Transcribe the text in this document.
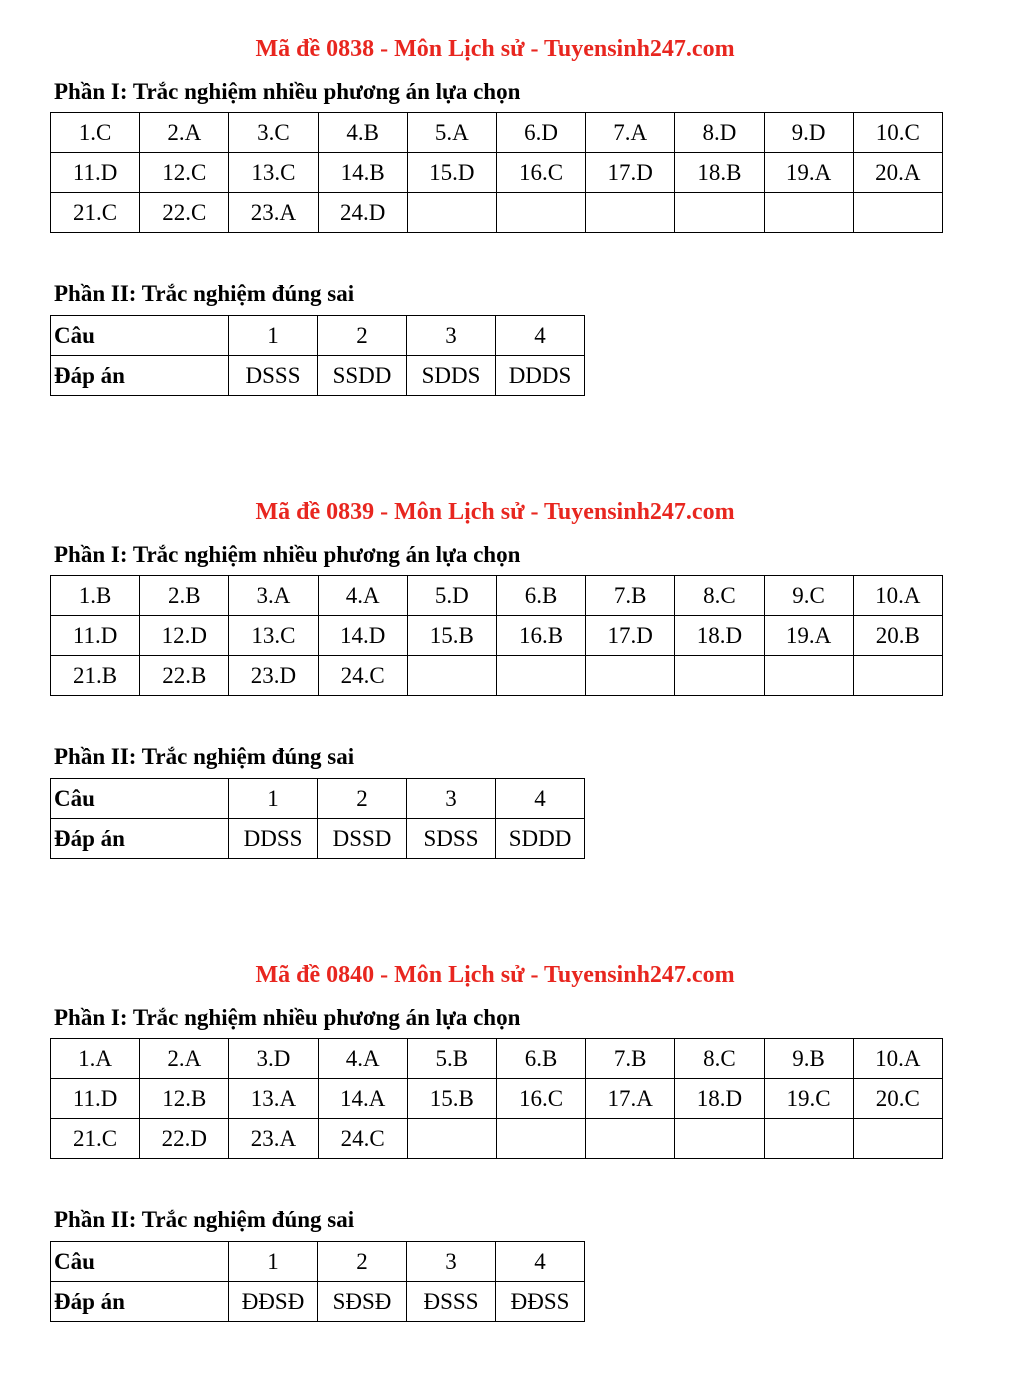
Mã đề 0838 - Môn Lịch sử - Tuyensinh247.com
Phần I: Trắc nghiệm nhiều phương án lựa chọn
1.C	2.A	3.C	4.B	5.A	6.D	7.A	8.D	9.D	10.C
11.D	12.C	13.C	14.B	15.D	16.C	17.D	18.B	19.A	20.A
21.C	22.C	23.A	24.D						
Phần II: Trắc nghiệm đúng sai
Câu	1	2	3	4
Đáp án	DSSS	SSDD	SDDS	DDDS
Mã đề 0839 - Môn Lịch sử - Tuyensinh247.com
Phần I: Trắc nghiệm nhiều phương án lựa chọn
1.B	2.B	3.A	4.A	5.D	6.B	7.B	8.C	9.C	10.A
11.D	12.D	13.C	14.D	15.B	16.B	17.D	18.D	19.A	20.B
21.B	22.B	23.D	24.C						
Phần II: Trắc nghiệm đúng sai
Câu	1	2	3	4
Đáp án	DDSS	DSSD	SDSS	SDDD
Mã đề 0840 - Môn Lịch sử - Tuyensinh247.com
Phần I: Trắc nghiệm nhiều phương án lựa chọn
1.A	2.A	3.D	4.A	5.B	6.B	7.B	8.C	9.B	10.A
11.D	12.B	13.A	14.A	15.B	16.C	17.A	18.D	19.C	20.C
21.C	22.D	23.A	24.C						
Phần II: Trắc nghiệm đúng sai
Câu	1	2	3	4
Đáp án	ĐĐSĐ	SĐSĐ	ĐSSS	ĐĐSS
